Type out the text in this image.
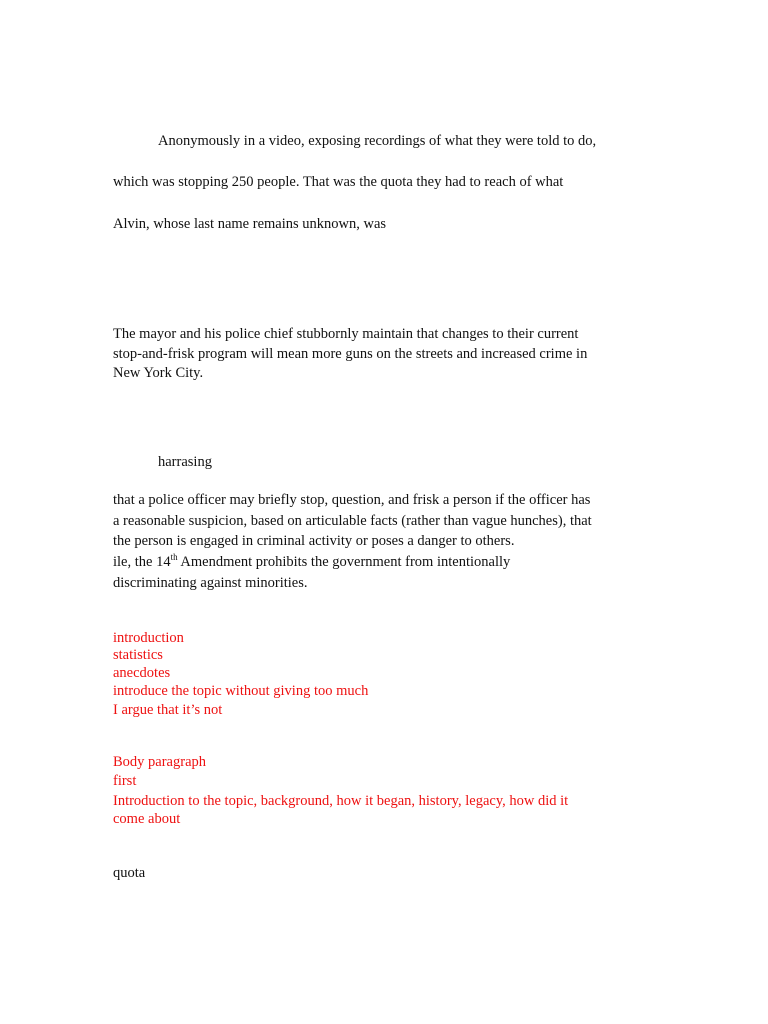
Anonymously in a video, exposing recordings of what they were told to do,
which was stopping 250 people. That was the quota they had to reach of what
Alvin, whose last name remains unknown, was
The mayor and his police chief stubbornly maintain that changes to their current
stop-and-frisk program will mean more guns on the streets and increased crime in
New York City.
harrasing
that a police officer may briefly stop, question, and frisk a person if the officer has
a reasonable suspicion, based on articulable facts (rather than vague hunches), that
the person is engaged in criminal activity or poses a danger to others.
ile, the 14th Amendment prohibits the government from intentionally
discriminating against minorities.
introduction
statistics
anecdotes
introduce the topic without giving too much
I argue that it’s not
Body paragraph
first
Introduction to the topic, background, how it began, history, legacy, how did it
come about
quota
